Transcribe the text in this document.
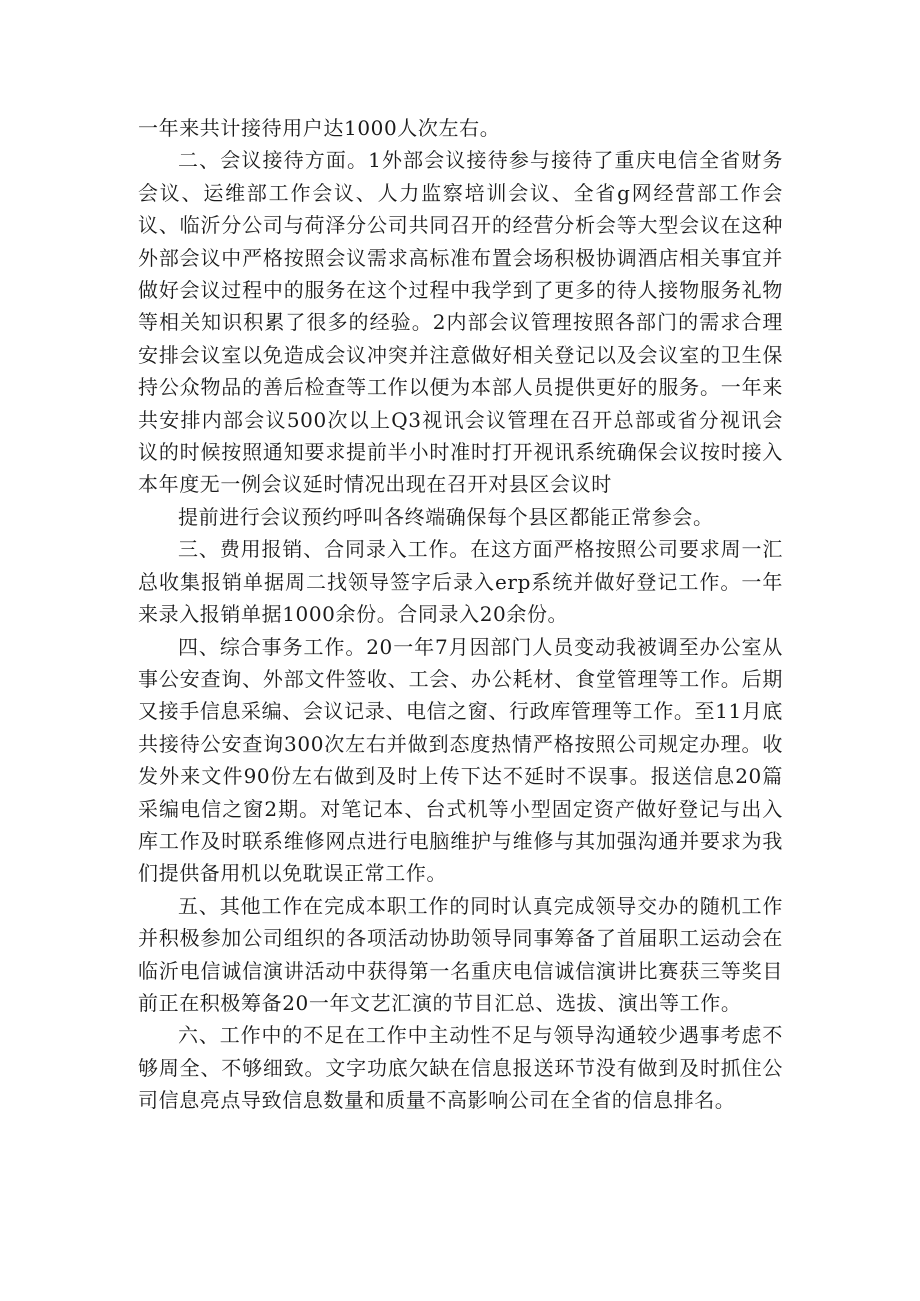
一年来共计接待用户达1000人次左右。

二、会议接待方面。1外部会议接待参与接待了重庆电信全省财务会议、运维部工作会议、人力监察培训会议、全省g网经营部工作会议、临沂分公司与荷泽分公司共同召开的经营分析会等大型会议在这种外部会议中严格按照会议需求高标准布置会场积极协调酒店相关事宜并做好会议过程中的服务在这个过程中我学到了更多的待人接物服务礼物等相关知识积累了很多的经验。2内部会议管理按照各部门的需求合理安排会议室以免造成会议冲突并注意做好相关登记以及会议室的卫生保持公众物品的善后检查等工作以便为本部人员提供更好的服务。一年来共安排内部会议500次以上Q3视讯会议管理在召开总部或省分视讯会议的时候按照通知要求提前半小时准时打开视讯系统确保会议按时接入本年度无一例会议延时情况出现在召开对县区会议时

提前进行会议预约呼叫各终端确保每个县区都能正常参会。

三、费用报销、合同录入工作。在这方面严格按照公司要求周一汇总收集报销单据周二找领导签字后录入erp系统并做好登记工作。一年来录入报销单据1000余份。合同录入20余份。

四、综合事务工作。20一年7月因部门人员变动我被调至办公室从事公安查询、外部文件签收、工会、办公耗材、食堂管理等工作。后期又接手信息采编、会议记录、电信之窗、行政库管理等工作。至11月底共接待公安查询300次左右并做到态度热情严格按照公司规定办理。收发外来文件90份左右做到及时上传下达不延时不误事。报送信息20篇采编电信之窗2期。对笔记本、台式机等小型固定资产做好登记与出入库工作及时联系维修网点进行电脑维护与维修与其加强沟通并要求为我们提供备用机以免耽误正常工作。

五、其他工作在完成本职工作的同时认真完成领导交办的随机工作并积极参加公司组织的各项活动协助领导同事筹备了首届职工运动会在临沂电信诚信演讲活动中获得第一名重庆电信诚信演讲比赛获三等奖目前正在积极筹备20一年文艺汇演的节目汇总、选拔、演出等工作。

六、工作中的不足在工作中主动性不足与领导沟通较少遇事考虑不够周全、不够细致。文字功底欠缺在信息报送环节没有做到及时抓住公司信息亮点导致信息数量和质量不高影响公司在全省的信息排名。
